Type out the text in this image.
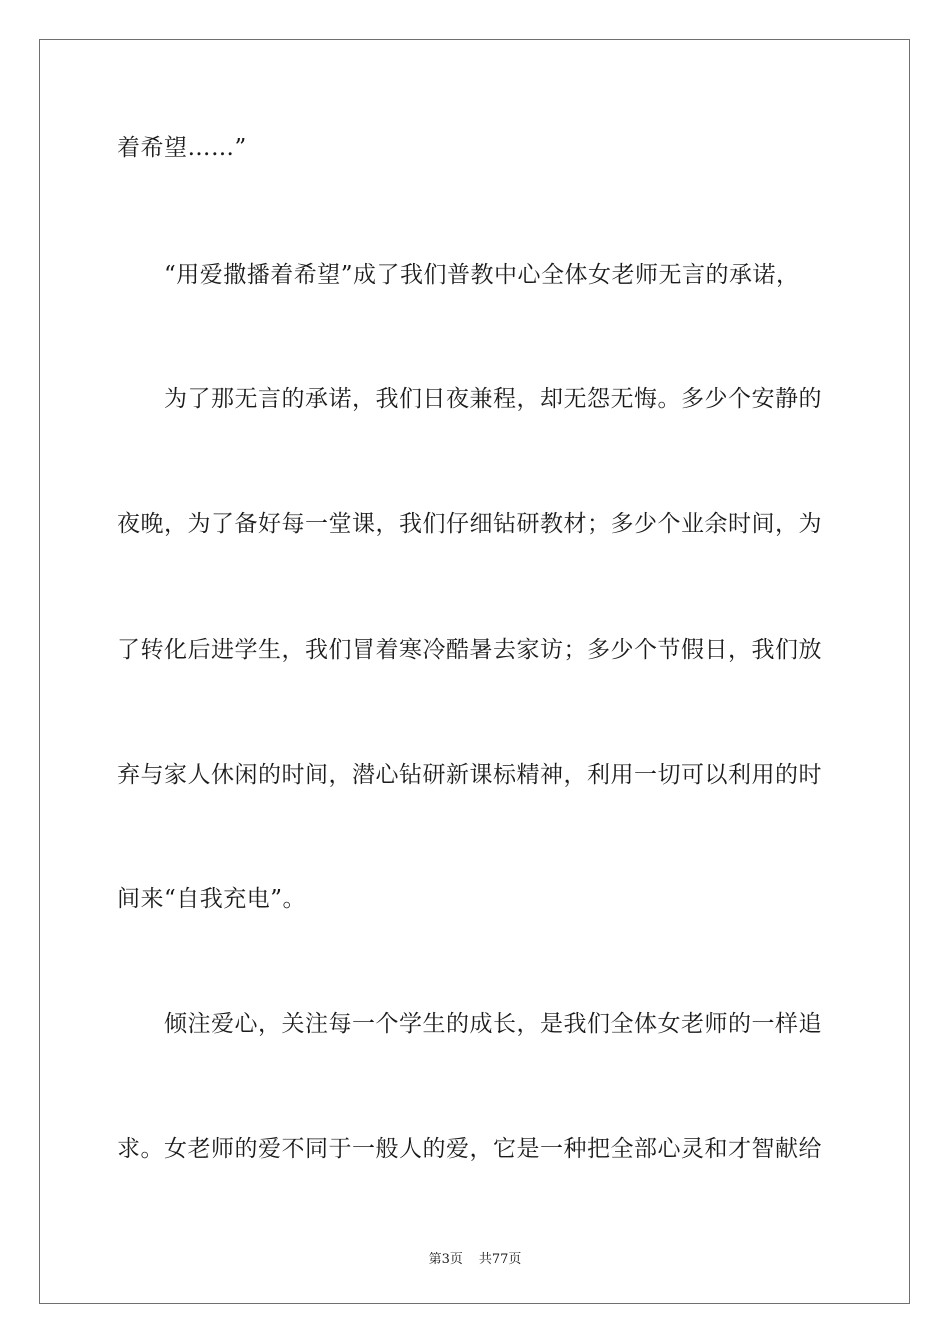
着希望……”
“用爱撒播着希望”成了我们普教中心全体女老师无言的承诺，
为了那无言的承诺，我们日夜兼程，却无怨无悔。多少个安静的
夜晚，为了备好每一堂课，我们仔细钻研教材；多少个业余时间，为
了转化后进学生，我们冒着寒冷酷暑去家访；多少个节假日，我们放
弃与家人休闲的时间，潜心钻研新课标精神，利用一切可以利用的时
间来“自我充电”。
倾注爱心，关注每一个学生的成长，是我们全体女老师的一样追
求。女老师的爱不同于一般人的爱，它是一种把全部心灵和才智献给
第3页 共77页
